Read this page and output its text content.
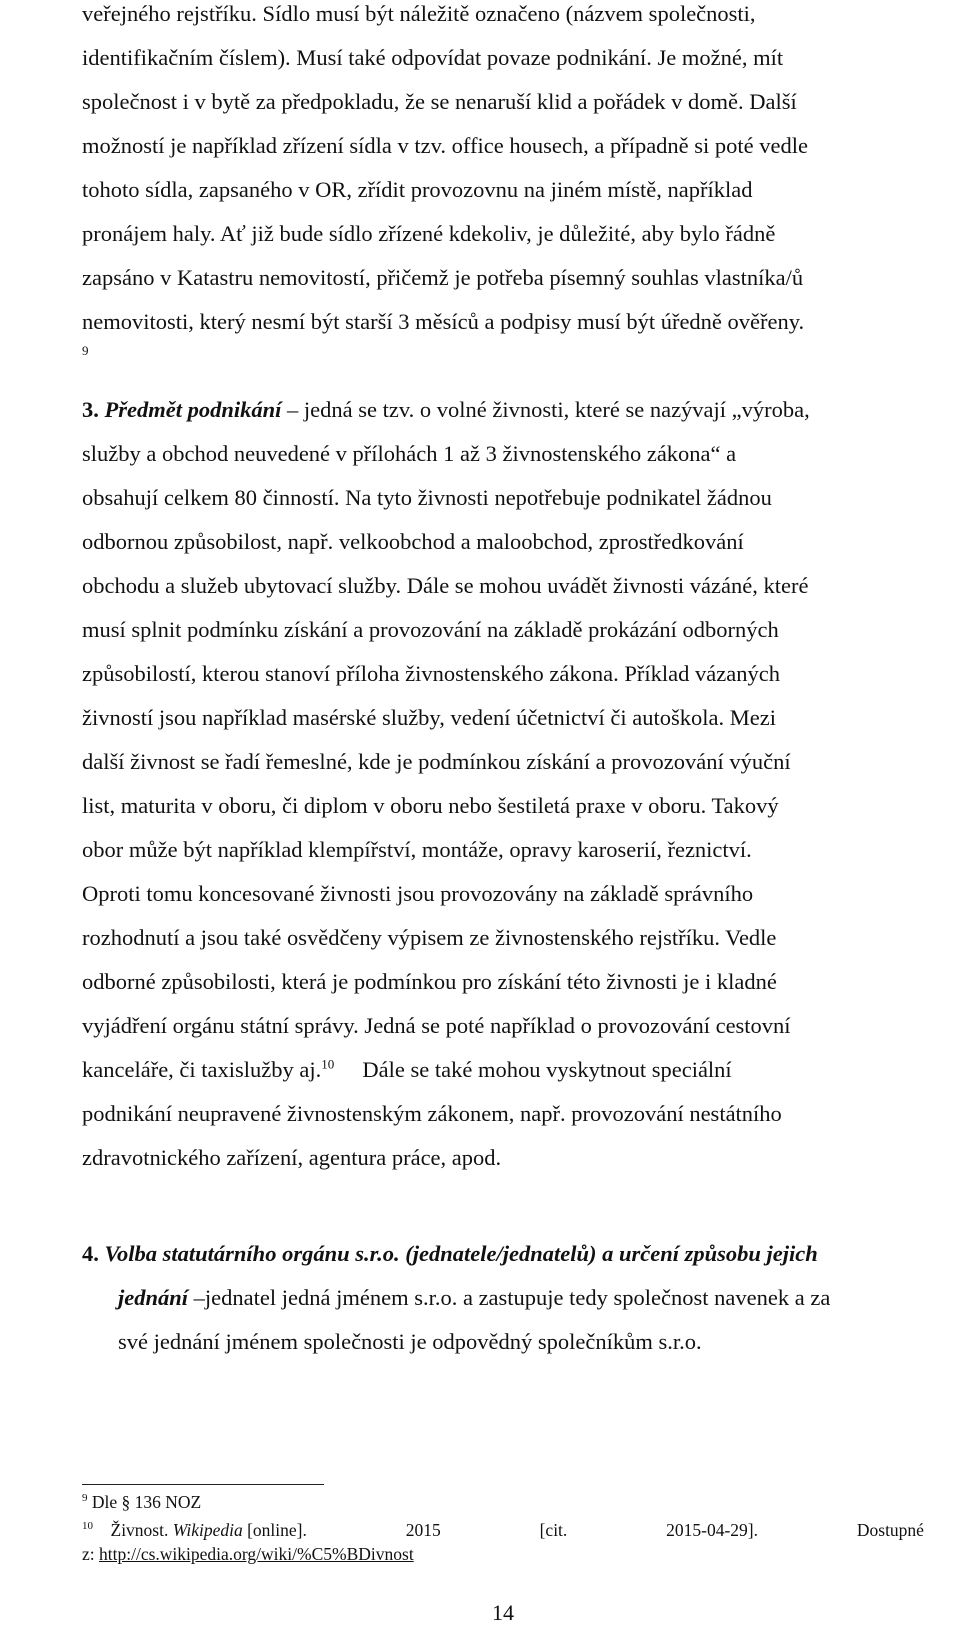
veřejného rejstříku. Sídlo musí být náležitě označeno (názvem společnosti,
identifikačním číslem). Musí také odpovídat povaze podnikání. Je možné, mít
společnost i v bytě za předpokladu, že se nenaruší klid a pořádek v domě. Další
možností je například zřízení sídla v tzv. office housech, a případně si poté vedle
tohoto sídla, zapsaného v OR, zřídit provozovnu na jiném místě, například
pronájem haly. Ať již bude sídlo zřízené kdekoliv, je důležité, aby bylo řádně
zapsáno v Katastru nemovitostí, přičemž je potřeba písemný souhlas vlastníka/ů
nemovitosti, který nesmí být starší 3 měsíců a podpisy musí být úředně ověřeny.
9
3. Předmět podnikání – jedná se tzv. o volné živnosti, které se nazývají „výroba,
služby a obchod neuvedené v přílohách 1 až 3 živnostenského zákona“ a
obsahují celkem 80 činností. Na tyto živnosti nepotřebuje podnikatel žádnou
odbornou způsobilost, např. velkoobchod a maloobchod, zprostředkování
obchodu a služeb ubytovací služby. Dále se mohou uvádět živnosti vázáné, které
musí splnit podmínku získání a provozování na základě prokázání odborných
způsobilostí, kterou stanoví příloha živnostenského zákona. Příklad vázaných
živností jsou například masérské služby, vedení účetnictví či autoškola. Mezi
další živnost se řadí řemeslné, kde je podmínkou získání a provozování výuční
list, maturita v oboru, či diplom v oboru nebo šestiletá praxe v oboru. Takový
obor může být například klempířství, montáže, opravy karoserií, řeznictví.
Oproti tomu koncesované živnosti jsou provozovány na základě správního
rozhodnutí a jsou také osvědčeny výpisem ze živnostenského rejstříku. Vedle
odborné způsobilosti, která je podmínkou pro získání této živnosti je i kladné
vyjádření orgánu státní správy. Jedná se poté například o provozování cestovní
kanceláře, či taxislužby aj.$^{10}$ Dále se také mohou vyskytnout speciální
podnikání neupravené živnostenským zákonem, např. provozování nestátního
zdravotnického zařízení, agentura práce, apod.
4. Volba statutárního orgánu s.r.o. (jednatele/jednatelů) a určení způsobu jejich
jednání –jednatel jedná jménem s.r.o. a zastupuje tedy společnost navenek a za
své jednání jménem společnosti je odpovědný společníkům s.r.o.
$^9$ Dle § 136 NOZ
$^{10}$ Živnost. Wikipedia [online].	2015	[cit.	2015-04-29].	Dostupné
z: http://cs.wikipedia.org/wiki/%C5%BDivnost
14
